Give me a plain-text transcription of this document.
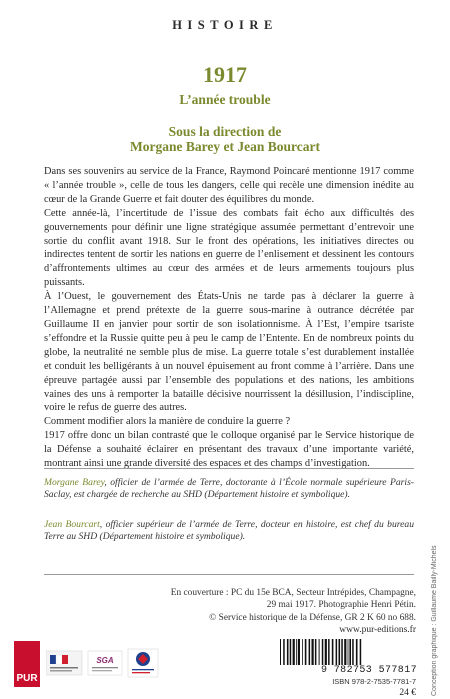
HISTOIRE
1917
L’année trouble
Sous la direction de
Morgane Barey et Jean Bourcart

Dans ses souvenirs au service de la France, Raymond Poincaré mentionne 1917 comme « l’année trouble », celle de tous les dangers, celle qui recèle une dimension inédite au cœur de la Grande Guerre et fait douter des équilibres du monde.

Cette année-là, l’incertitude de l’issue des combats fait écho aux difficultés des gouvernements pour définir une ligne stratégique assumée permettant d’entrevoir une sortie du conflit avant 1918. Sur le front des opérations, les initiatives directes ou indirectes tentent de sortir les nations en guerre de l’enlisement et dessinent les contours d’affrontements ultimes au cœur des armées et de leurs armements toujours plus puissants.

À l’Ouest, le gouvernement des États-Unis ne tarde pas à déclarer la guerre à l’Allemagne et prend prétexte de la guerre sous-marine à outrance décrétée par Guillaume II en janvier pour sortir de son isolationnisme. À l’Est, l’empire tsariste s’effondre et la Russie quitte peu à peu le camp de l’Entente. En de nombreux points du globe, la neutralité ne semble plus de mise. La guerre totale s’est durablement installée et conduit les belligérants à un nouvel épuisement au front comme à l’arrière. Dans une épreuve partagée aussi par l’ensemble des populations et des nations, les ambitions vaines des uns à remporter la bataille décisive nourrissent la désillusion, l’indiscipline, voire le refus de guerre des autres.

Comment modifier alors la manière de conduire la guerre ?

1917 offre donc un bilan contrasté que le colloque organisé par le Service historique de la Défense a souhaité éclairer en présentant des travaux d’une importante variété, montrant ainsi une grande diversité des espaces et des champs d’investigation.

Morgane Barey, officier de l’armée de Terre, doctorante à l’École normale supérieure Paris-Saclay, est chargée de recherche au SHD (Département histoire et symbolique).
Jean Bourcart, officier supérieur de l’armée de Terre, docteur en histoire, est chef du bureau Terre au SHD (Département histoire et symbolique).

En couverture : PC du 15e BCA, Secteur Intrépides, Champagne,

29 mai 1917. Photographie Henri Pétin.

© Service historique de la Défense, GR 2 K 60 no 688.

www.pur-editions.fr Conception graphique : Guillaume Bailly-Michels
PUR
SGA
9 782753 577817
ISBN 978-2-7535-7781-7
24 €
